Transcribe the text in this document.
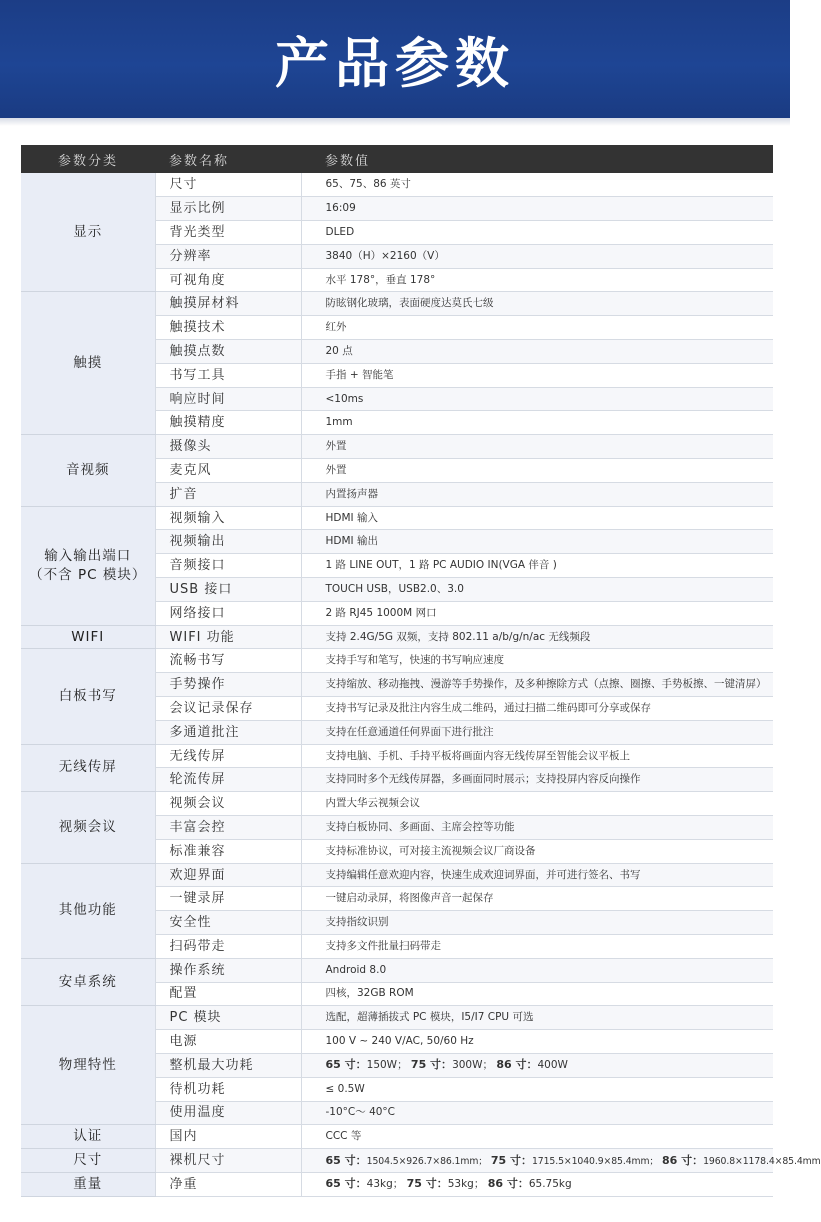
产品参数
参数分类	参数名称	参数值
显示	尺寸	65、75、86 英寸
	显示比例	16:09
	背光类型	DLED
	分辨率	3840（H）×2160（V）
	可视角度	水平 178°，垂直 178°
触摸	触摸屏材料	防眩钢化玻璃，表面硬度达莫氏七级
	触摸技术	红外
	触摸点数	20 点
	书写工具	手指 + 智能笔
	响应时间	<10ms
	触摸精度	1mm
音视频	摄像头	外置
	麦克风	外置
	扩音	内置扬声器
输入输出端口
（不含 PC 模块）	视频输入	HDMI 输入
	视频输出	HDMI 输出
	音频接口	1 路 LINE OUT，1 路 PC AUDIO IN(VGA 伴音 )
	USB 接口	TOUCH USB，USB2.0、3.0
	网络接口	2 路 RJ45 1000M 网口
WIFI	WIFI 功能	支持 2.4G/5G 双频，支持 802.11 a/b/g/n/ac 无线频段
白板书写	流畅书写	支持手写和笔写，快速的书写响应速度
	手势操作	支持缩放、移动拖拽、漫游等手势操作，及多种擦除方式（点擦、圈擦、手势板擦、一键清屏）
	会议记录保存	支持书写记录及批注内容生成二维码，通过扫描二维码即可分享或保存
	多通道批注	支持在任意通道任何界面下进行批注
无线传屏	无线传屏	支持电脑、手机、手持平板将画面内容无线传屏至智能会议平板上
	轮流传屏	支持同时多个无线传屏器，多画面同时展示；支持投屏内容反向操作
视频会议	视频会议	内置大华云视频会议
	丰富会控	支持白板协同、多画面、主席会控等功能
	标准兼容	支持标准协议，可对接主流视频会议厂商设备
其他功能	欢迎界面	支持编辑任意欢迎内容，快速生成欢迎词界面，并可进行签名、书写
	一键录屏	一键启动录屏，将图像声音一起保存
	安全性	支持指纹识别
	扫码带走	支持多文件批量扫码带走
安卓系统	操作系统	Android 8.0
	配置	四核，32GB ROM
物理特性	PC 模块	选配，超薄插拔式 PC 模块，I5/I7 CPU 可选
	电源	100 V ~ 240 V/AC, 50/60 Hz
	整机最大功耗	65 寸：150W； 75 寸：300W； 86 寸：400W
	待机功耗	≤ 0.5W
	使用温度	-10°C～ 40°C
认证	国内	CCC 等
尺寸	裸机尺寸	65 寸：1504.5×926.7×86.1mm； 75 寸：1715.5×1040.9×85.4mm； 86 寸：1960.8×1178.4×85.4mm
重量	净重	65 寸：43kg； 75 寸：53kg； 86 寸：65.75kg
